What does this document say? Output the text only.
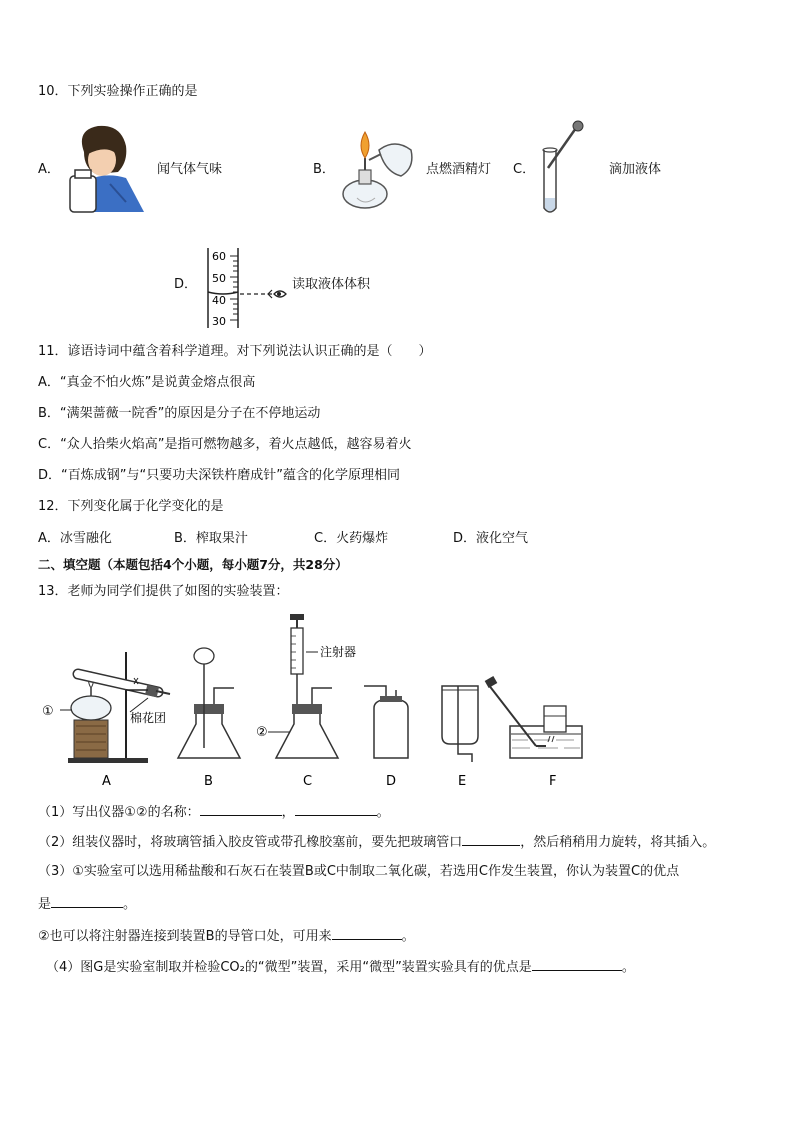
10．下列实验操作正确的是
A．	闻气体气味	B．	点燃酒精灯 C．	滴加液体
D．
60
50
40
30
读取液体体积
11．谚语诗词中蕴含着科学道理。对下列说法认识正确的是（　　）
A．“真金不怕火炼”是说黄金熔点很高
B．“满架蔷薇一院香”的原因是分子在不停地运动
C．“众人拾柴火焰高”是指可燃物越多，着火点越低，越容易着火
D．“百炼成钢”与“只要功夫深铁杵磨成针”蕴含的化学原理相同
12．下列变化属于化学变化的是
A．冰雪融化	B．榨取果汁	C．火药爆炸	D．液化空气
二、填空题（本题包括4个小题，每小题7分，共28分）
13．老师为同学们提供了如图的实验装置：
①	棉花团
注射器
②
A	B	C	D	E	F
（1）写出仪器①②的名称：	，	。
（2）组装仪器时，将玻璃管插入胶皮管或带孔橡胶塞前，要先把玻璃管口	，然后稍稍用力旋转，将其插入。
（3）①实验室可以选用稀盐酸和石灰石在装置B或C中制取二氧化碳，若选用C作发生装置，你认为装置C的优点
是	。
②也可以将注射器连接到装置B的导管口处，可用来	。
（4）图G是实验室制取并检验CO₂的“微型”装置，采用“微型”装置实验具有的优点是	。
